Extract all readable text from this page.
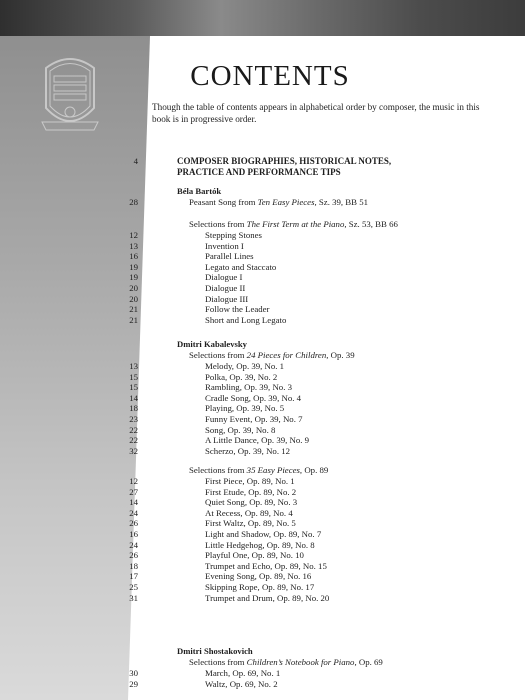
CONTENTS
Though the table of contents appears in alphabetical order by composer, the music in this book is in progressive order.
4	COMPOSER BIOGRAPHIES, HISTORICAL NOTES,
PRACTICE AND PERFORMANCE TIPS
Béla Bartók
28	Peasant Song from Ten Easy Pieces, Sz. 39, BB 51
Selections from The First Term at the Piano, Sz. 53, BB 66
12	Stepping Stones
13	Invention I
16	Parallel Lines
19	Legato and Staccato
19	Dialogue I
20	Dialogue II
20	Dialogue III
21	Follow the Leader
21	Short and Long Legato
Dmitri Kabalevsky
Selections from 24 Pieces for Children, Op. 39
13	Melody, Op. 39, No. 1
15	Polka, Op. 39, No. 2
15	Rambling, Op. 39, No. 3
14	Cradle Song, Op. 39, No. 4
18	Playing, Op. 39, No. 5
23	Funny Event, Op. 39, No. 7
22	Song, Op. 39, No. 8
22	A Little Dance, Op. 39, No. 9
32	Scherzo, Op. 39, No. 12
Selections from 35 Easy Pieces, Op. 89
12	First Piece, Op. 89, No. 1
27	First Etude, Op. 89, No. 2
14	Quiet Song, Op. 89, No. 3
24	At Recess, Op. 89, No. 4
26	First Waltz, Op. 89, No. 5
16	Light and Shadow, Op. 89, No. 7
24	Little Hedgehog, Op. 89, No. 8
26	Playful One, Op. 89, No. 10
18	Trumpet and Echo, Op. 89, No. 15
17	Evening Song, Op. 89, No. 16
25	Skipping Rope, Op. 89, No. 17
31	Trumpet and Drum, Op. 89, No. 20
Dmitri Shostakovich
Selections from Children’s Notebook for Piano, Op. 69
30	March, Op. 69, No. 1
29	Waltz, Op. 69, No. 2
